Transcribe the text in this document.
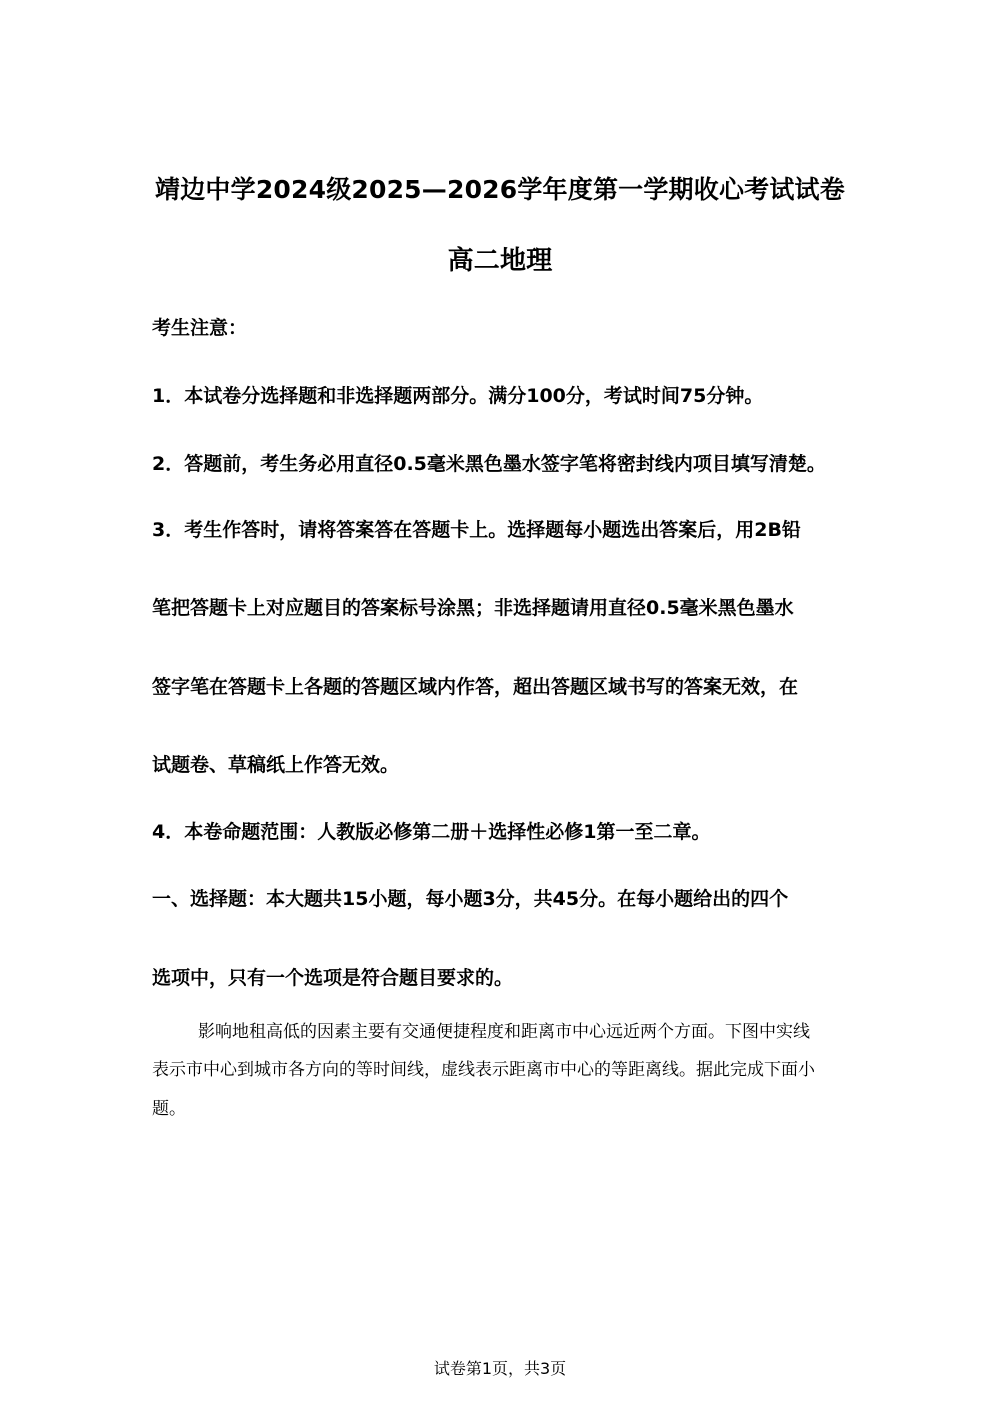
靖边中学2024级2025—2026学年度第一学期收心考试试卷
高二地理
考生注意：
1．本试卷分选择题和非选择题两部分。满分100分，考试时间75分钟。
2．答题前，考生务必用直径0.5毫米黑色墨水签字笔将密封线内项目填写清楚。
3．考生作答时，请将答案答在答题卡上。选择题每小题选出答案后，用2B铅
笔把答题卡上对应题目的答案标号涂黑；非选择题请用直径0.5毫米黑色墨水
签字笔在答题卡上各题的答题区域内作答，超出答题区域书写的答案无效，在
试题卷、草稿纸上作答无效。
4．本卷命题范围：人教版必修第二册＋选择性必修1第一至二章。
一、选择题：本大题共15小题，每小题3分，共45分。在每小题给出的四个
选项中，只有一个选项是符合题目要求的。
影响地租高低的因素主要有交通便捷程度和距离市中心远近两个方面。下图中实线
表示市中心到城市各方向的等时间线，虚线表示距离市中心的等距离线。据此完成下面小
题。
试卷第1页，共3页
